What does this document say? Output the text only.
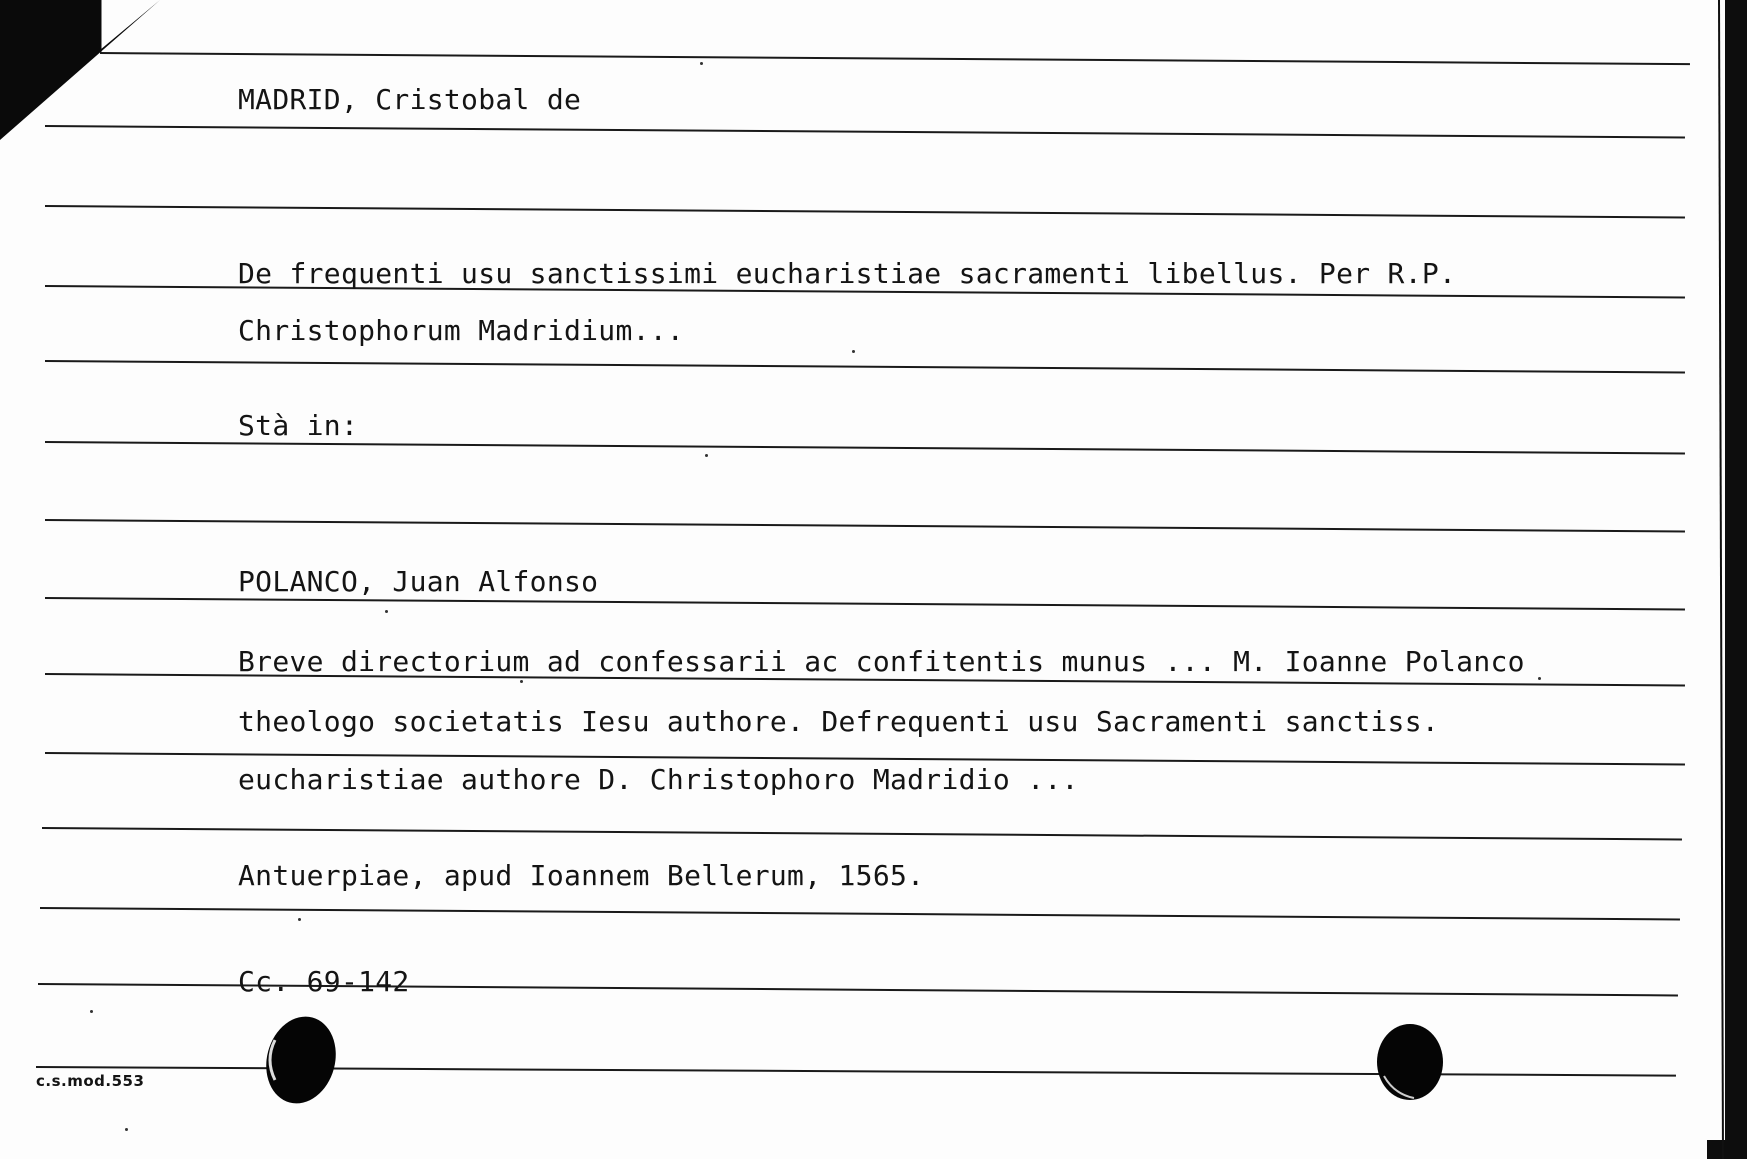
MADRID, Cristobal de
De frequenti usu sanctissimi eucharistiae sacramenti libellus. Per R.P.
Christophorum Madridium...
Stà in:
POLANCO, Juan Alfonso
Breve directorium ad confessarii ac confitentis munus ... M. Ioanne Polanco
theologo societatis Iesu authore. Defrequenti usu Sacramenti sanctiss.
eucharistiae authore D. Christophoro Madridio ...
Antuerpiae, apud Ioannem Bellerum, 1565.
Cc. 69-142
c.s.mod.553
